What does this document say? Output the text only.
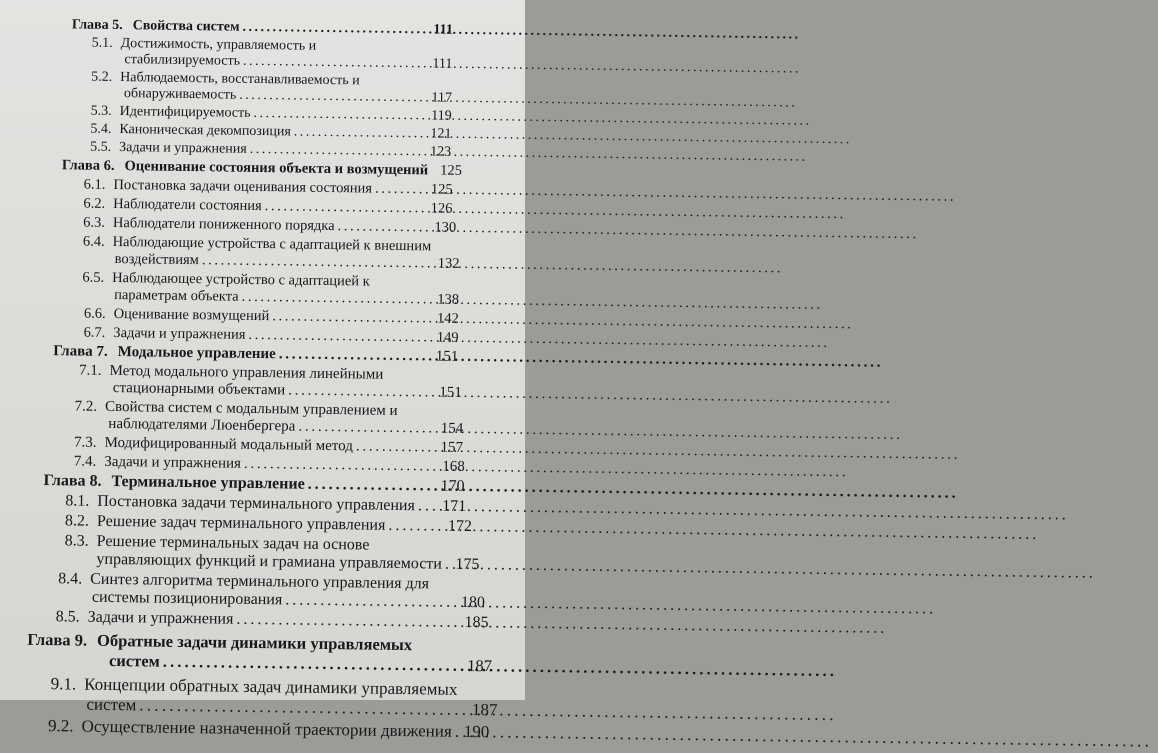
Глава 5. Свойства систем . . .	111
5.1. Достижимость, управляемость и
стабилизируемость . . .	111
5.2. Наблюдаемость, восстанавливаемость и
обнаруживаемость . . .	117
5.3. Идентифицируемость . . .	119
5.4. Каноническая декомпозиция . . .	121
5.5. Задачи и упражнения . . .	123
Глава 6. Оценивание состояния объекта и возмущений 125
6.1. Постановка задачи оценивания состояния . . .	125
6.2. Наблюдатели состояния . . .	126
6.3. Наблюдатели пониженного порядка . . .	130
6.4. Наблюдающие устройства с адаптацией к внешним
воздействиям . . .	132
6.5. Наблюдающее устройство с адаптацией к
параметрам объекта . . .	138
6.6. Оценивание возмущений . . .	142
6.7. Задачи и упражнения . . .	149
Глава 7. Модальное управление . . .	151
7.1. Метод модального управления линейными
стационарными объектами . . .	151
7.2. Свойства систем с модальным управлением и
наблюдателями Люенбергера . . .	154
7.3. Модифицированный модальный метод . . .	157
7.4. Задачи и упражнения . . .	168
Глава 8. Терминальное управление . . .	170
8.1. Постановка задачи терминального управления . . . 171
8.2. Решение задач терминального управления . . .	172
8.3. Решение терминальных задач на основе
управляющих функций и грамиана управляемости . . . 175
8.4. Синтез алгоритма терминального управления для
системы позиционирования . . .	180
8.5. Задачи и упражнения . . .	185
Глава 9. Обратные задачи динамики управляемых
систем . . .	187
9.1. Концепции обратных задач динамики управляемых
систем . . .	187
9.2. Осуществление назначенной траектории движения . . . 190
